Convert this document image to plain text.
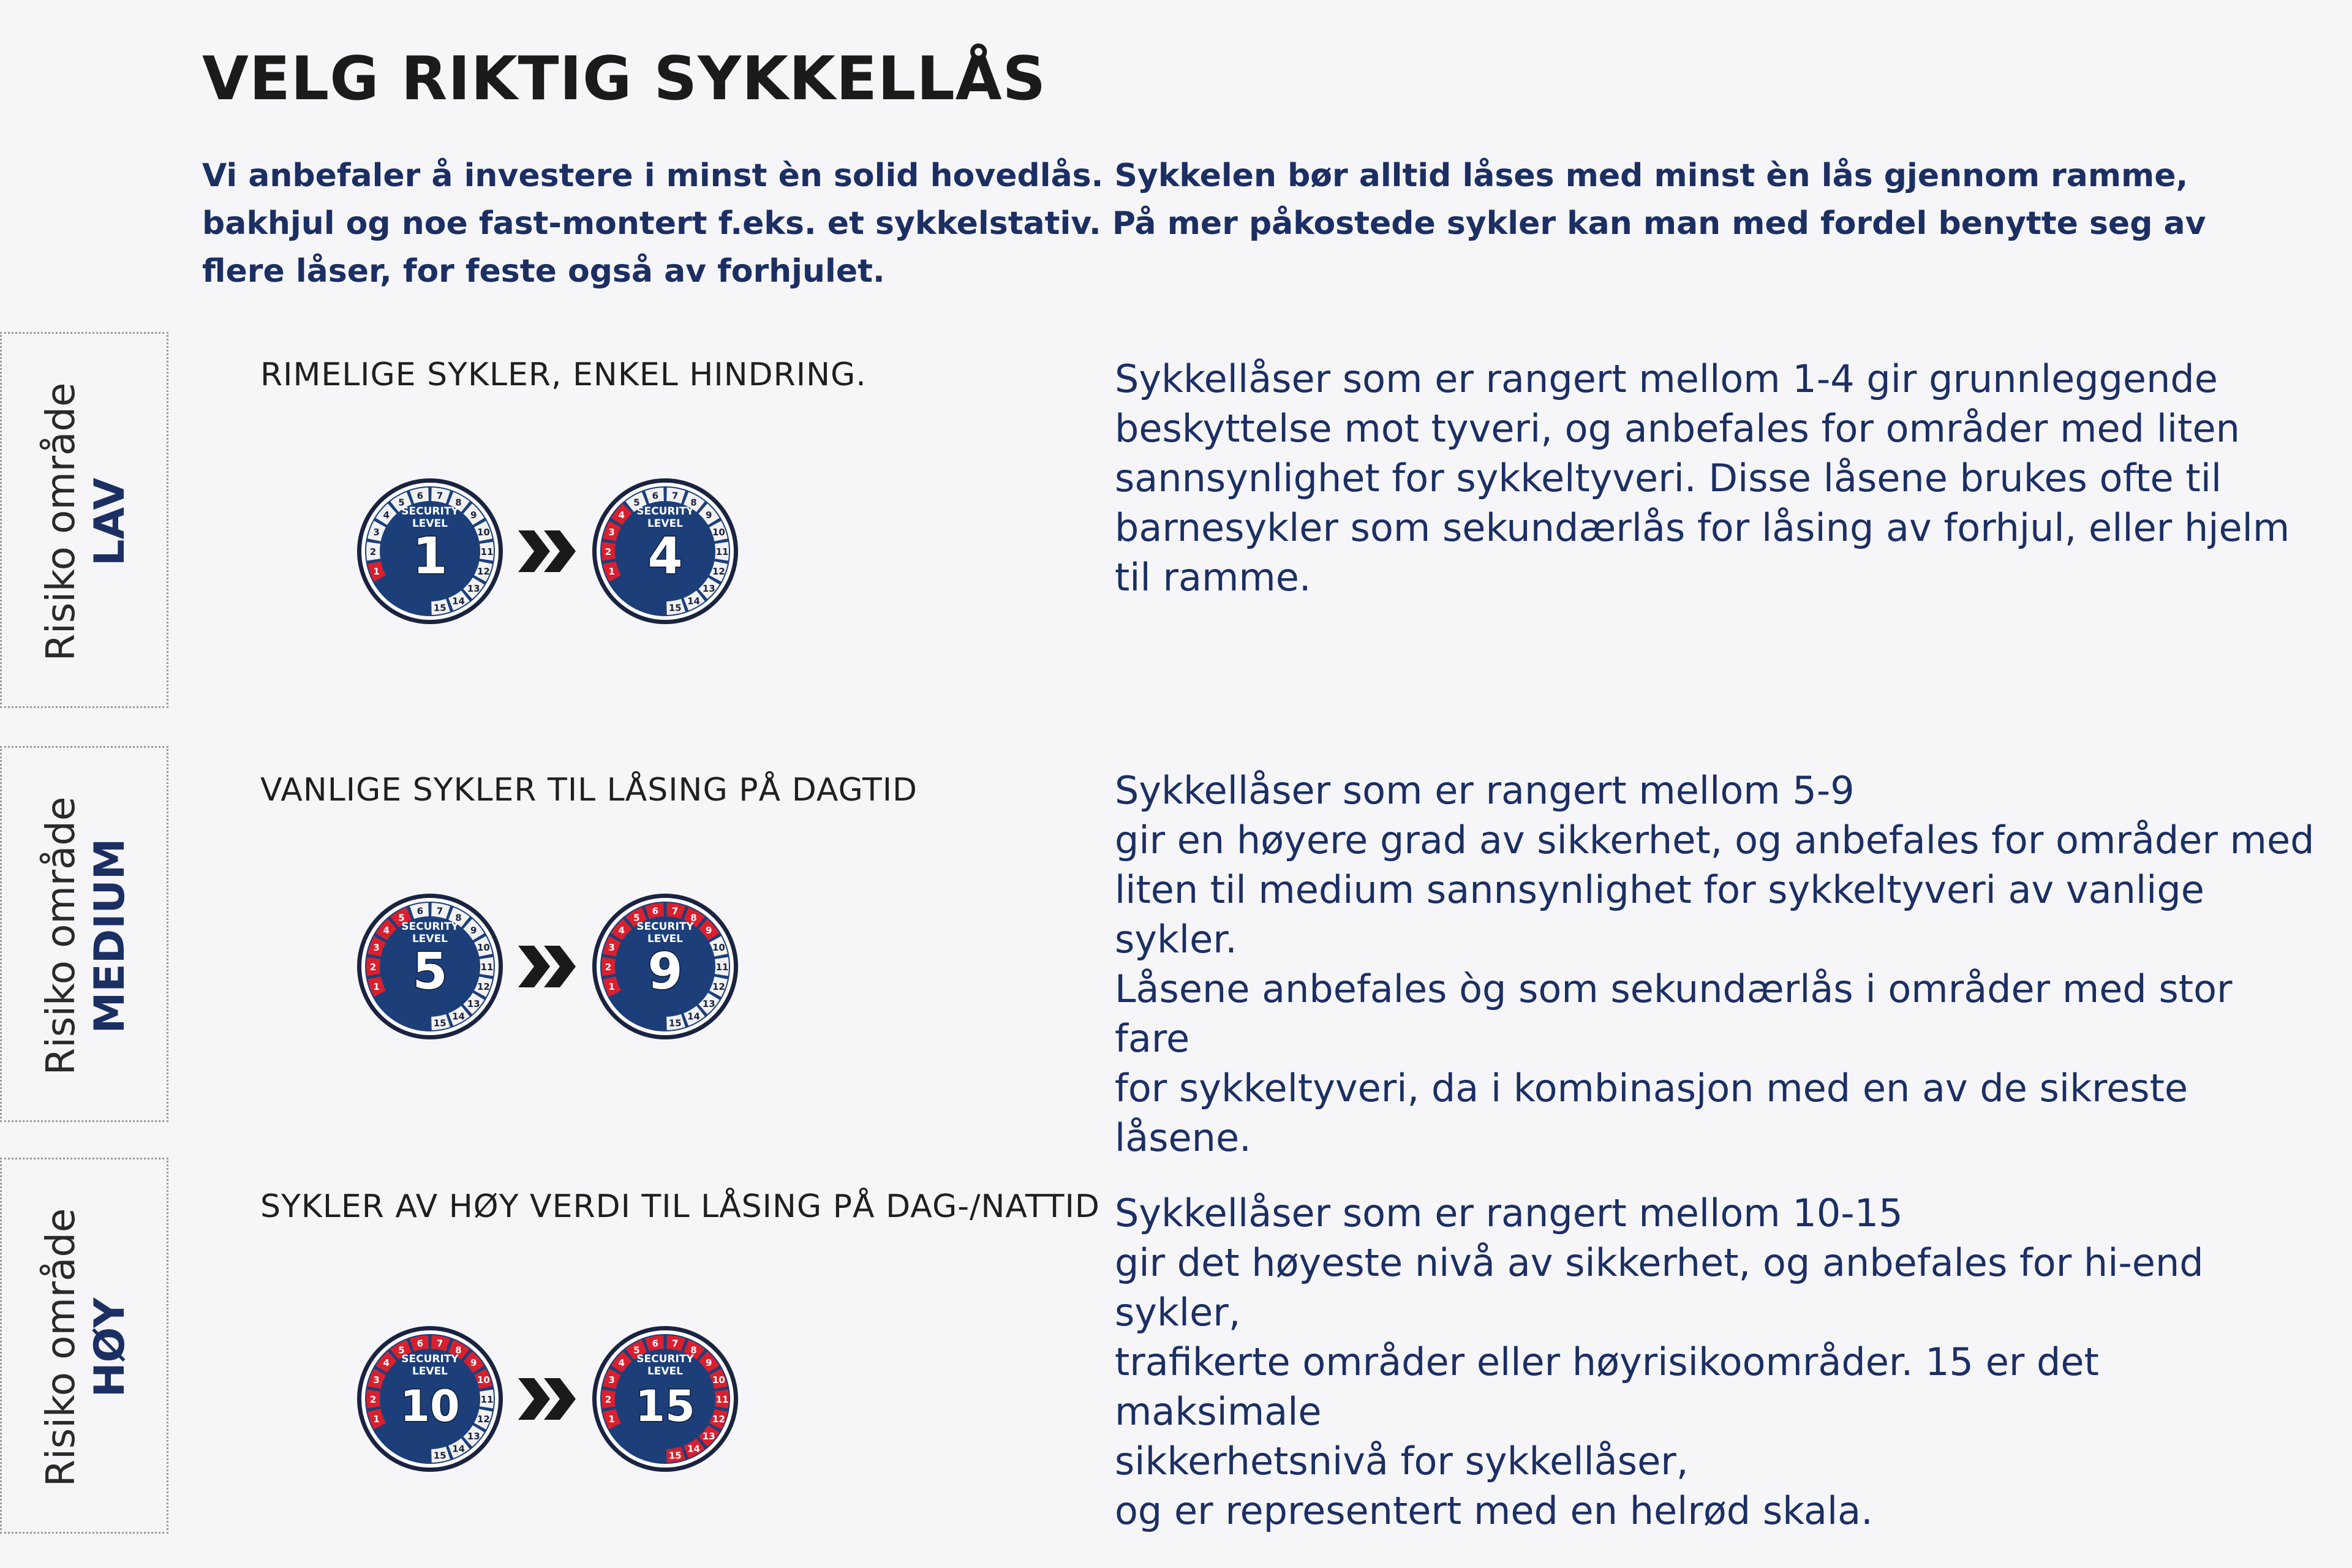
VELG RIKTIG SYKKELLÅS

Vi anbefaler å investere i minst èn solid hovedlås. Sykkelen bør alltid låses med minst èn lås gjennom ramme, bakhjul og noe fast-montert f.eks. et sykkelstativ. På mer påkostede sykler kan man med fordel benytte seg av flere låser, for feste også av forhjulet.

Risiko område LAV
RIMELIGE SYKLER, ENKEL HINDRING.
1
2
3
4
5
6 7
8
9
10
11
12
13
14
15
SECURITY
LEVEL
1	1
2
3
4
5
6 7
8
9
10
11
12
13
14
15
SECURITY
LEVEL
4
Sykkellåser som er rangert mellom 1-4 gir grunnleggende
beskyttelse mot tyveri, og anbefales for områder med liten
sannsynlighet for sykkeltyveri. Disse låsene brukes ofte til
barnesykler som sekundærlås for låsing av forhjul, eller hjelm
til ramme.
Risiko område MEDIUM
VANLIGE SYKLER TIL LÅSING PÅ DAGTID
1
2
3
4
5
6 7
8
9
10
11
12
13
14
15
SECURITY
LEVEL
5	1
2
3
4
5
6 7
8
9
10
11
12
13
14
15
SECURITY
LEVEL
9
Sykkellåser som er rangert mellom 5-9
gir en høyere grad av sikkerhet, og anbefales for områder med
liten til medium sannsynlighet for sykkeltyveri av vanlige sykler.
Låsene anbefales òg som sekundærlås i områder med stor fare
for sykkeltyveri, da i kombinasjon med en av de sikreste låsene.
Risiko område HØY
SYKLER AV HØY VERDI TIL LÅSING PÅ DAG-/NATTID
1
2
3
4
5
6 7
8
9
10
11
12
13
14
15
SECURITY
LEVEL
10	1
2
3
4
5
6 7
8
9
10
11
12
13
14
15
SECURITY
LEVEL
15
Sykkellåser som er rangert mellom 10-15
gir det høyeste nivå av sikkerhet, og anbefales for hi-end sykler,
trafikerte områder eller høyrisikoområder. 15 er det maksimale
sikkerhetsnivå for sykkellåser,
og er representert med en helrød skala.
